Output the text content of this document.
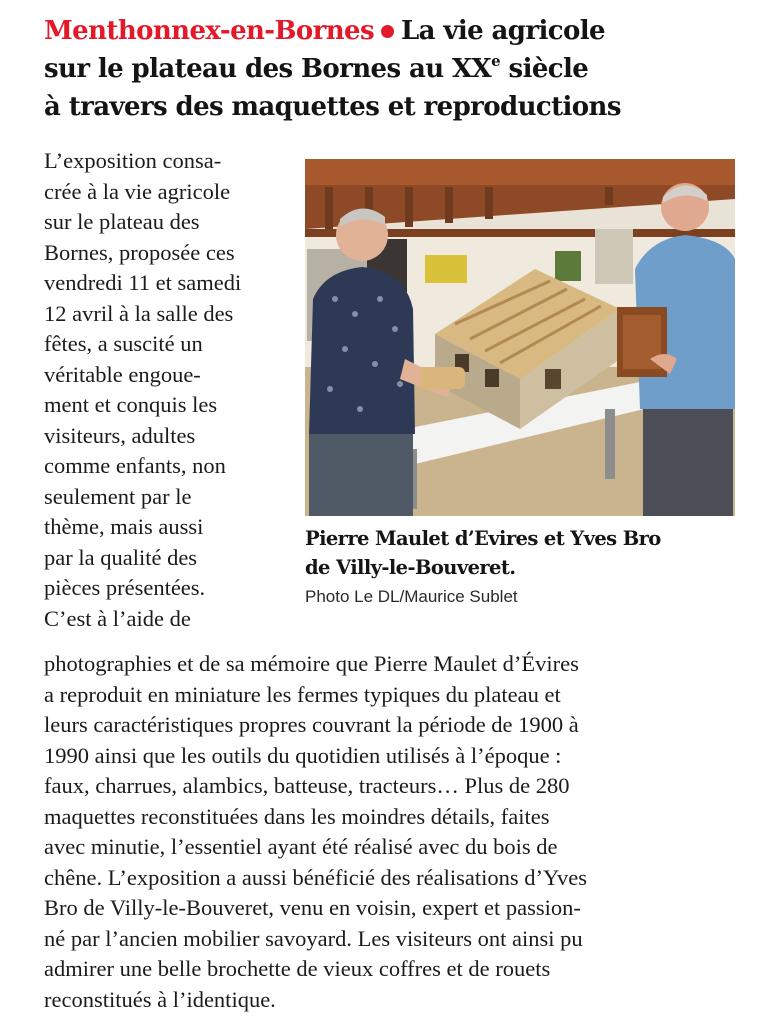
Menthonnex-en-Bornes La vie agricole
sur le plateau des Bornes au XXe siècle
à travers des maquettes et reproductions
L’exposition consa-
crée à la vie agricole
sur le plateau des
Bornes, proposée ces
vendredi 11 et samedi
12 avril à la salle des
fêtes, a suscité un
véritable engoue-
ment et conquis les
visiteurs, adultes
comme enfants, non
seulement par le
thème, mais aussi
par la qualité des
pièces présentées.
C’est à l’aide de
Pierre Maulet d’Evires et Yves Bro
de Villy-le-Bouveret.
Photo Le DL/Maurice Sublet
photographies et de sa mémoire que Pierre Maulet d’Évires
a reproduit en miniature les fermes typiques du plateau et
leurs caractéristiques propres couvrant la période de 1900 à
1990 ainsi que les outils du quotidien utilisés à l’époque :
faux, charrues, alambics, batteuse, tracteurs… Plus de 280
maquettes reconstituées dans les moindres détails, faites
avec minutie, l’essentiel ayant été réalisé avec du bois de
chêne. L’exposition a aussi bénéficié des réalisations d’Yves
Bro de Villy-le-Bouveret, venu en voisin, expert et passion-
né par l’ancien mobilier savoyard. Les visiteurs ont ainsi pu
admirer une belle brochette de vieux coffres et de rouets
reconstitués à l’identique.
